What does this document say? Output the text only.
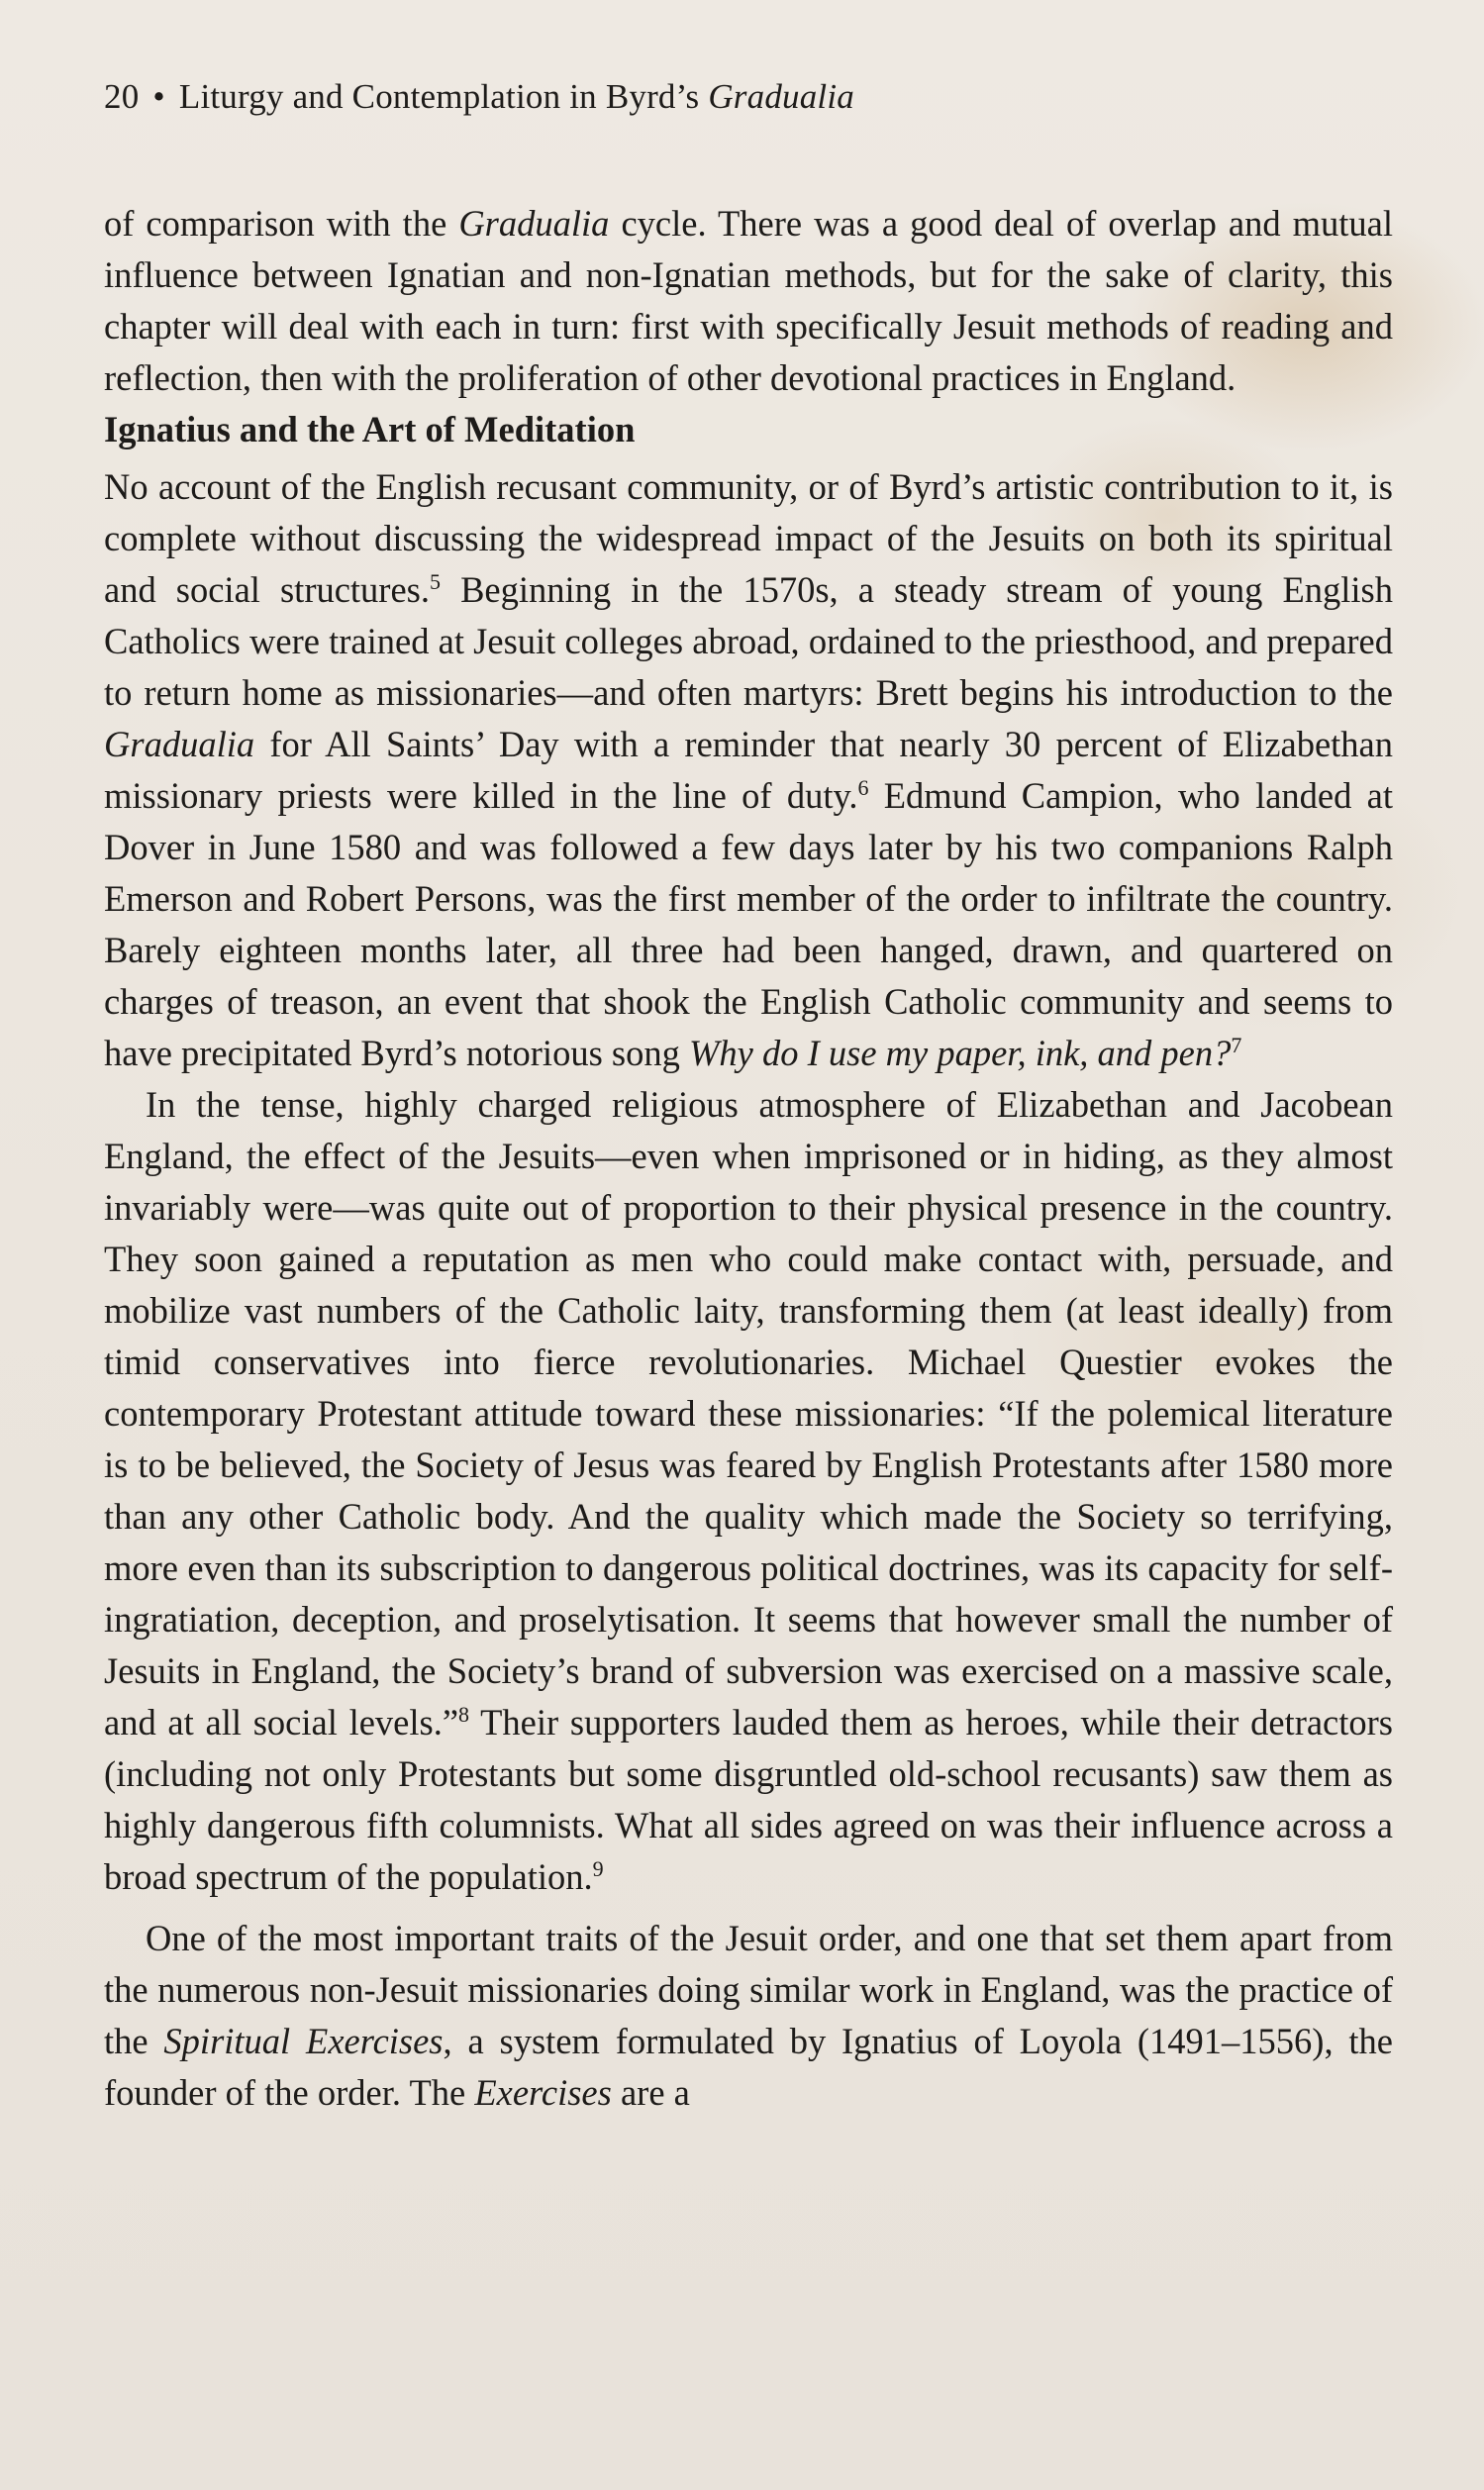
20 • Liturgy and Contemplation in Byrd’s Gradualia

of comparison with the Gradualia cycle. There was a good deal of overlap and mutual influence between Ignatian and non-Ignatian methods, but for the sake of clarity, this chapter will deal with each in turn: first with specifically Jesuit methods of reading and reflection, then with the proliferation of other devotional practices in England.

Ignatius and the Art of Meditation

No account of the English recusant community, or of Byrd’s artistic contribution to it, is complete without discussing the widespread impact of the Jesuits on both its spiritual and social structures.$^5$ Beginning in the 1570s, a steady stream of young English Catholics were trained at Jesuit colleges abroad, ordained to the priesthood, and prepared to return home as missionaries—and often martyrs: Brett begins his introduction to the Gradualia for All Saints’ Day with a reminder that nearly 30 percent of Elizabethan missionary priests were killed in the line of duty.$^6$ Edmund Campion, who landed at Dover in June 1580 and was followed a few days later by his two companions Ralph Emerson and Robert Persons, was the first member of the order to infiltrate the country. Barely eighteen months later, all three had been hanged, drawn, and quartered on charges of treason, an event that shook the English Catholic community and seems to have precipitated Byrd’s notorious song Why do I use my paper, ink, and pen?$^7$

In the tense, highly charged religious atmosphere of Elizabethan and Jacobean England, the effect of the Jesuits—even when imprisoned or in hiding, as they almost invariably were—was quite out of proportion to their physical presence in the country. They soon gained a reputation as men who could make contact with, persuade, and mobilize vast numbers of the Catholic laity, transforming them (at least ideally) from timid conservatives into fierce revolutionaries. Michael Questier evokes the contemporary Protestant attitude toward these missionaries: “If the polemical literature is to be believed, the Society of Jesus was feared by English Protestants after 1580 more than any other Catholic body. And the quality which made the Society so terrifying, more even than its subscription to dangerous political doctrines, was its capacity for self-ingratiation, deception, and proselytisation. It seems that however small the number of Jesuits in England, the Society’s brand of subversion was exercised on a massive scale, and at all social levels.”$^8$ Their supporters lauded them as heroes, while their detractors (including not only Protestants but some disgruntled old-school recusants) saw them as highly dangerous fifth columnists. What all sides agreed on was their influence across a broad spectrum of the population.$^9$

One of the most important traits of the Jesuit order, and one that set them apart from the numerous non-Jesuit missionaries doing similar work in England, was the practice of the Spiritual Exercises, a system formulated by Ignatius of Loyola (1491–1556), the founder of the order. The Exercises are a
